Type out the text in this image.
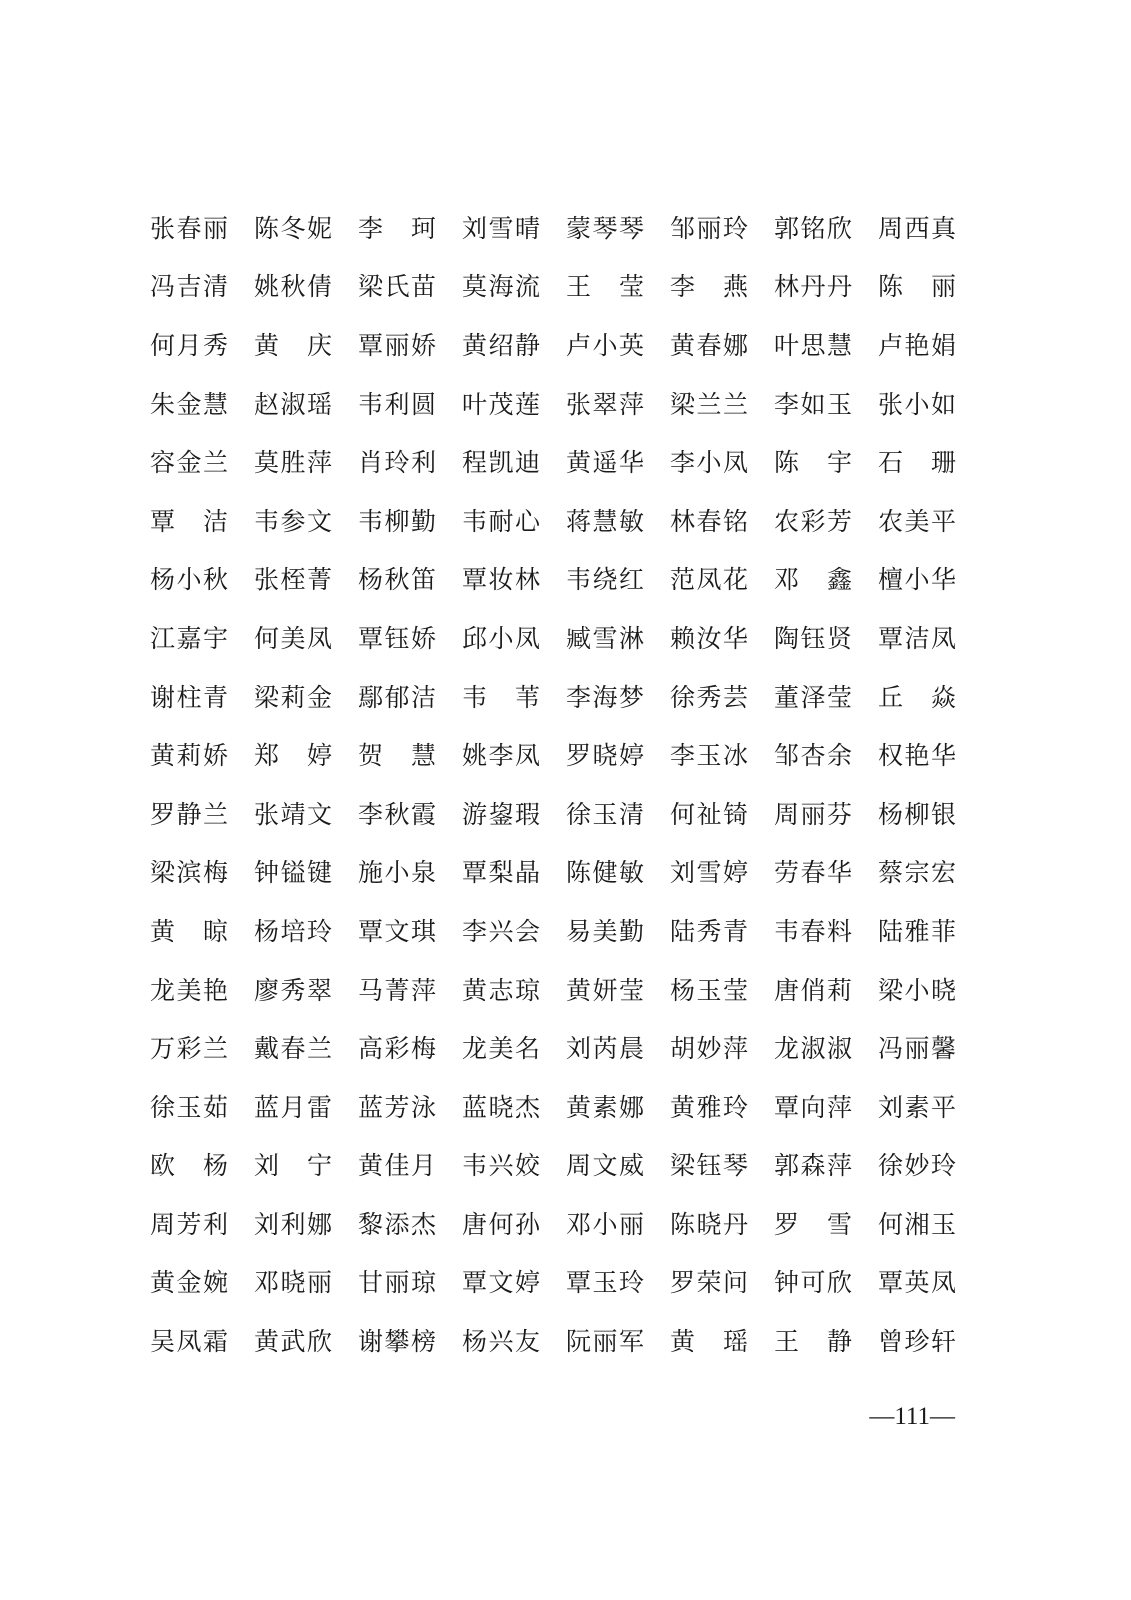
张 春 丽 陈 冬 妮 李 珂 刘 雪 晴 蒙 琴 琴 邹 丽 玲 郭 铭 欣 周 西 真
冯 吉 清 姚 秋 倩 梁 氏 苗 莫 海 流 王 莹 李 燕 林 丹 丹 陈 丽
何 月 秀 黄 庆 覃 丽 娇 黄 绍 静 卢 小 英 黄 春 娜 叶 思 慧 卢 艳 娟
朱 金 慧 赵 淑 瑶 韦 利 圆 叶 茂 莲 张 翠 萍 梁 兰 兰 李 如 玉 张 小 如
容 金 兰 莫 胜 萍 肖 玲 利 程 凯 迪 黄 遥 华 李 小 凤 陈 宇 石 珊
覃 洁 韦 参 文 韦 柳 勤 韦 耐 心 蒋 慧 敏 林 春 铭 农 彩 芳 农 美 平
杨 小 秋 张 桎 菁 杨 秋 笛 覃 妆 林 韦 绕 红 范 凤 花 邓 鑫 檀 小 华
江 嘉 宇 何 美 凤 覃 钰 娇 邱 小 凤 臧 雪 淋 赖 汝 华 陶 钰 贤 覃 洁 凤
谢 柱 青 梁 莉 金 鄢 郁 洁 韦 苇 李 海 梦 徐 秀 芸 董 泽 莹 丘 焱
黄 莉 娇 郑 婷 贺 慧 姚 李 凤 罗 晓 婷 李 玉 冰 邹 杏 余 权 艳 华
罗 静 兰 张 靖 文 李 秋 霞 游 鋆 瑕 徐 玉 清 何 祉 锜 周 丽 芬 杨 柳 银
梁 滨 梅 钟 镒 键 施 小 泉 覃 梨 晶 陈 健 敏 刘 雪 婷 劳 春 华 蔡 宗 宏
黄 晾 杨 培 玲 覃 文 琪 李 兴 会 易 美 勤 陆 秀 青 韦 春 料 陆 雅 菲
龙 美 艳 廖 秀 翠 马 菁 萍 黄 志 琼 黄 妍 莹 杨 玉 莹 唐 俏 莉 梁 小 晓
万 彩 兰 戴 春 兰 高 彩 梅 龙 美 名 刘 芮 晨 胡 妙 萍 龙 淑 淑 冯 丽 馨
徐 玉 茹 蓝 月 雷 蓝 芳 泳 蓝 晓 杰 黄 素 娜 黄 雅 玲 覃 向 萍 刘 素 平
欧 杨 刘 宁 黄 佳 月 韦 兴 姣 周 文 威 梁 钰 琴 郭 森 萍 徐 妙 玲
周 芳 利 刘 利 娜 黎 添 杰 唐 何 孙 邓 小 丽 陈 晓 丹 罗 雪 何 湘 玉
黄 金 婉 邓 晓 丽 甘 丽 琼 覃 文 婷 覃 玉 玲 罗 荣 问 钟 可 欣 覃 英 凤
吴 凤 霜 黄 武 欣 谢 攀 榜 杨 兴 友 阮 丽 军 黄 瑶 王 静 曾 珍 轩
—111—
